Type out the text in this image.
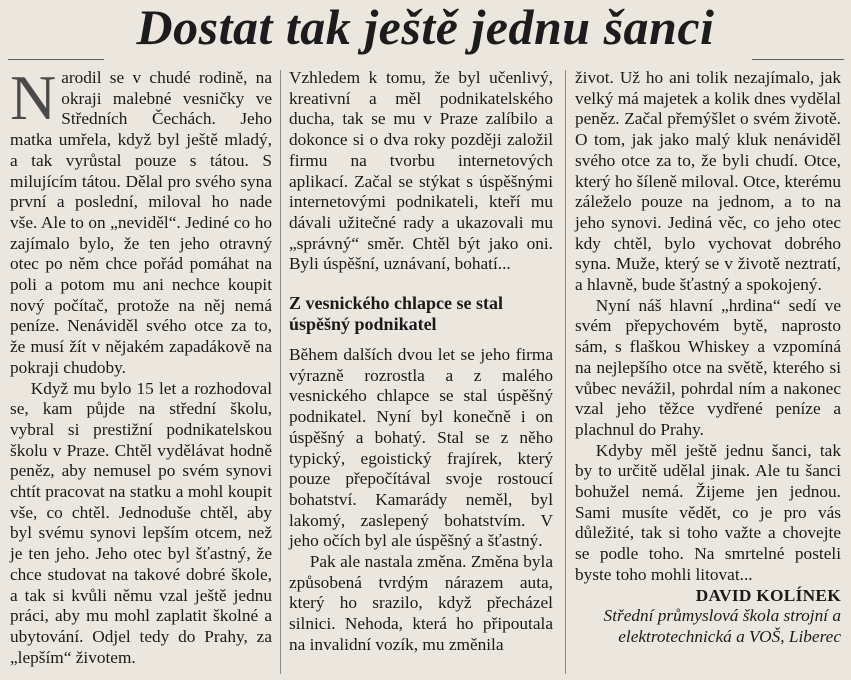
Dostat tak ještě jednu šanci

Narodil se v chudé rodině, na okraji malebné vesničky ve Středních Čechách. Jeho matka umřela, když byl ještě mladý, a tak vyrůstal pouze s tátou. S milujícím tátou. Dělal pro svého syna první a poslední, miloval ho nade vše. Ale to on „neviděl“. Jediné co ho zajímalo bylo, že ten jeho otravný otec po něm chce pořád pomáhat na poli a potom mu ani nechce koupit nový počítač, protože na něj nemá peníze. Nenáviděl svého otce za to, že musí žít v nějakém zapadákově na pokraji chudoby.

Když mu bylo 15 let a rozhodoval se, kam půjde na střední školu, vybral si prestižní podnikatelskou školu v Praze. Chtěl vydělávat hodně peněz, aby nemusel po svém synovi chtít pracovat na statku a mohl koupit vše, co chtěl. Jednoduše chtěl, aby byl svému synovi lepším otcem, než je ten jeho. Jeho otec byl šťastný, že chce studovat na takové dobré škole, a tak si kvůli němu vzal ještě jednu práci, aby mu mohl zaplatit školné a ubytování. Odjel tedy do Prahy, za „lepším“ životem.

Vzhledem k tomu, že byl učenlivý, kreativní a měl podnikatelského ducha, tak se mu v Praze zalíbilo a dokonce si o dva roky později založil firmu na tvorbu internetových aplikací. Začal se stýkat s úspěšnými internetovými podnikateli, kteří mu dávali užitečné rady a ukazovali mu „správný“ směr. Chtěl být jako oni. Byli úspěšní, uznávaní, bohatí...

Z vesnického chlapce se stal úspěšný podnikatel

Během dalších dvou let se jeho firma výrazně rozrostla a z malého vesnického chlapce se stal úspěšný podnikatel. Nyní byl konečně i on úspěšný a bohatý. Stal se z něho typický, egoistický frajírek, který pouze přepočítával svoje rostoucí bohatství. Kamarády neměl, byl lakomý, zaslepený bohatstvím. V jeho očích byl ale úspěšný a šťastný.

Pak ale nastala změna. Změna byla způsobená tvrdým nárazem auta, který ho srazilo, když přecházel silnici. Nehoda, která ho připoutala na invalidní vozík, mu změnila

život. Už ho ani tolik nezajímalo, jak velký má majetek a kolik dnes vydělal peněz. Začal přemýšlet o svém životě. O tom, jak jako malý kluk nenáviděl svého otce za to, že byli chudí. Otce, který ho šíleně miloval. Otce, kterému záleželo pouze na jednom, a to na jeho synovi. Jediná věc, co jeho otec kdy chtěl, bylo vychovat dobrého syna. Muže, který se v životě neztratí, a hlavně, bude šťastný a spokojený.

Nyní náš hlavní „hrdina“ sedí ve svém přepychovém bytě, naprosto sám, s flaškou Whiskey a vzpomíná na nejlepšího otce na světě, kterého si vůbec nevážil, pohrdal ním a nakonec vzal jeho těžce vydřené peníze a plachnul do Prahy.

Kdyby měl ještě jednu šanci, tak by to určitě udělal jinak. Ale tu šanci bohužel nemá. Žijeme jen jednou. Sami musíte vědět, co je pro vás důležité, tak si toho važte a chovejte se podle toho. Na smrtelné posteli byste toho mohli litovat...

DAVID KOLÍNEK
Střední průmyslová škola strojní a elektrotechnická a VOŠ, Liberec
